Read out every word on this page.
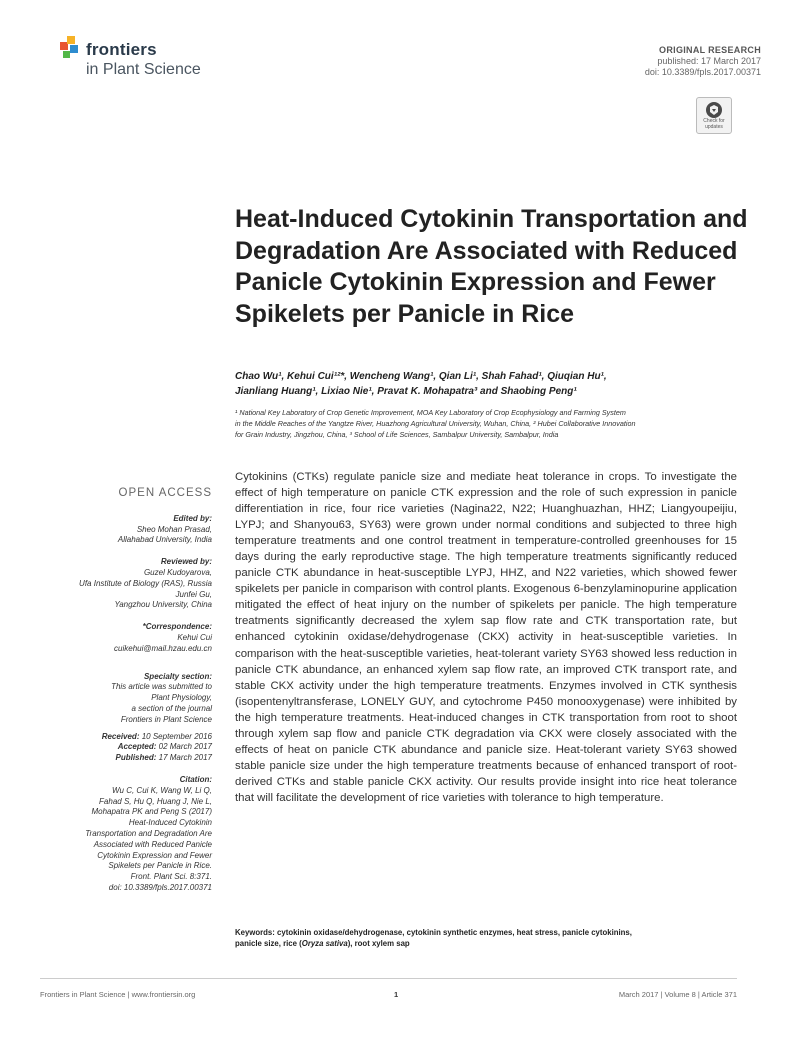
frontiers
in Plant Science
ORIGINAL RESEARCH
published: 17 March 2017
doi: 10.3389/fpls.2017.00371
Check for
updates
Heat-Induced Cytokinin Transportation and Degradation Are Associated with Reduced Panicle Cytokinin Expression and Fewer Spikelets per Panicle in Rice
Chao Wu¹, Kehui Cui¹²*, Wencheng Wang¹, Qian Li¹, Shah Fahad¹, Qiuqian Hu¹,
Jianliang Huang¹, Lixiao Nie¹, Pravat K. Mohapatra³ and Shaobing Peng¹
¹ National Key Laboratory of Crop Genetic Improvement, MOA Key Laboratory of Crop Ecophysiology and Farming System
in the Middle Reaches of the Yangtze River, Huazhong Agricultural University, Wuhan, China, ² Hubei Collaborative Innovation
for Grain Industry, Jingzhou, China, ³ School of Life Sciences, Sambalpur University, Sambalpur, India
OPEN ACCESS
Edited by:
Sheo Mohan Prasad,
Allahabad University, India
Reviewed by:
Guzel Kudoyarova,
Ufa Institute of Biology (RAS), Russia
Junfei Gu,
Yangzhou University, China
*Correspondence:
Kehui Cui
cuikehui@mail.hzau.edu.cn
Specialty section:
This article was submitted to
Plant Physiology,
a section of the journal
Frontiers in Plant Science
Received: 10 September 2016
Accepted: 02 March 2017
Published: 17 March 2017
Citation:
Wu C, Cui K, Wang W, Li Q,
Fahad S, Hu Q, Huang J, Nie L,
Mohapatra PK and Peng S (2017)
Heat-Induced Cytokinin
Transportation and Degradation Are
Associated with Reduced Panicle
Cytokinin Expression and Fewer
Spikelets per Panicle in Rice.
Front. Plant Sci. 8:371.
doi: 10.3389/fpls.2017.00371

Cytokinins (CTKs) regulate panicle size and mediate heat tolerance in crops. To investigate the effect of high temperature on panicle CTK expression and the role of such expression in panicle differentiation in rice, four rice varieties (Nagina22, N22; Huanghuazhan, HHZ; Liangyoupeijiu, LYPJ; and Shanyou63, SY63) were grown under normal conditions and subjected to three high temperature treatments and one control treatment in temperature-controlled greenhouses for 15 days during the early reproductive stage. The high temperature treatments significantly reduced panicle CTK abundance in heat-susceptible LYPJ, HHZ, and N22 varieties, which showed fewer spikelets per panicle in comparison with control plants. Exogenous 6-benzylaminopurine application mitigated the effect of heat injury on the number of spikelets per panicle. The high temperature treatments significantly decreased the xylem sap flow rate and CTK transportation rate, but enhanced cytokinin oxidase/dehydrogenase (CKX) activity in heat-susceptible varieties. In comparison with the heat-susceptible varieties, heat-tolerant variety SY63 showed less reduction in panicle CTK abundance, an enhanced xylem sap flow rate, an improved CTK transport rate, and stable CKX activity under the high temperature treatments. Enzymes involved in CTK synthesis (isopentenyltransferase, LONELY GUY, and cytochrome P450 monooxygenase) were inhibited by the high temperature treatments. Heat-induced changes in CTK transportation from root to shoot through xylem sap flow and panicle CTK degradation via CKX were closely associated with the effects of heat on panicle CTK abundance and panicle size. Heat-tolerant variety SY63 showed stable panicle size under the high temperature treatments because of enhanced transport of root-derived CTKs and stable panicle CKX activity. Our results provide insight into rice heat tolerance that will facilitate the development of rice varieties with tolerance to high temperature.

Keywords: cytokinin oxidase/dehydrogenase, cytokinin synthetic enzymes, heat stress, panicle cytokinins,
panicle size, rice (Oryza sativa), root xylem sap
Frontiers in Plant Science | www.frontiersin.org	1	March 2017 | Volume 8 | Article 371
